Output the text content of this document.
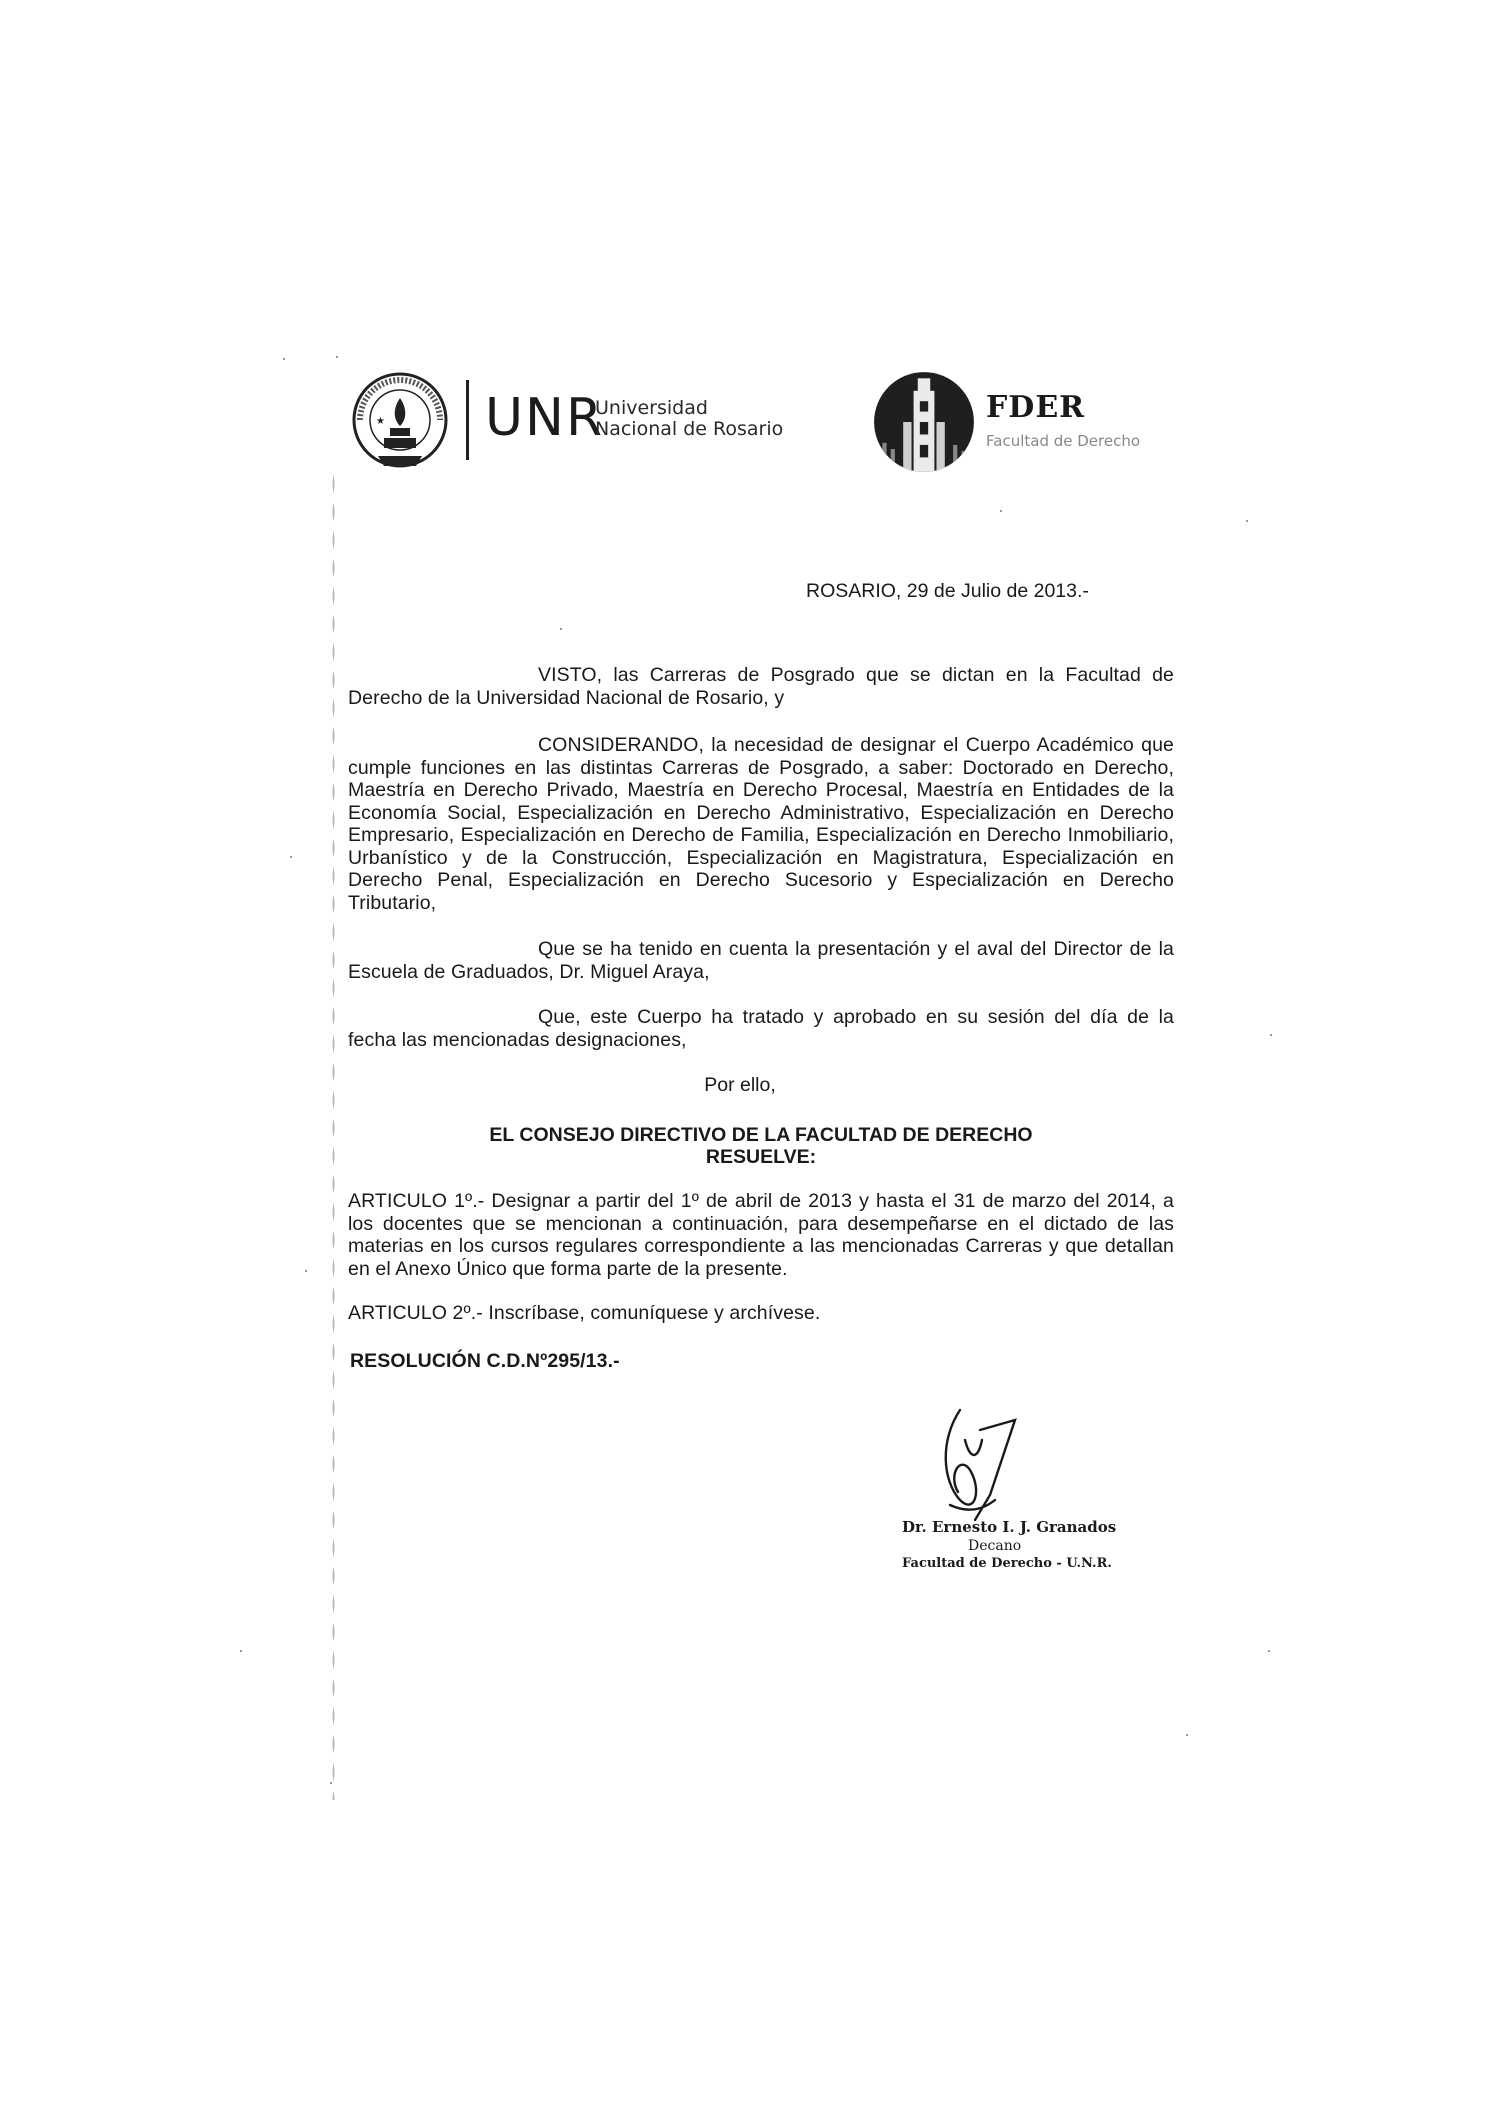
★ UNR
Universidad
Nacional de Rosario
FDER
Facultad de Derecho
ROSARIO, 29 de Julio de 2013.-
VISTO, las Carreras de Posgrado que se dictan en la Facultad de Derecho de la Universidad Nacional de Rosario, y
CONSIDERANDO, la necesidad de designar el Cuerpo Académico que cumple funciones en las distintas Carreras de Posgrado, a saber: Doctorado en Derecho, Maestría en Derecho Privado, Maestría en Derecho Procesal, Maestría en Entidades de la Economía Social, Especialización en Derecho Administrativo, Especialización en Derecho Empresario, Especialización en Derecho de Familia, Especialización en Derecho Inmobiliario, Urbanístico y de la Construcción, Especialización en Magistratura, Especialización en Derecho Penal, Especialización en Derecho Sucesorio y Especialización en Derecho Tributario,
Que se ha tenido en cuenta la presentación y el aval del Director de la Escuela de Graduados, Dr. Miguel Araya,
Que, este Cuerpo ha tratado y aprobado en su sesión del día de la fecha las mencionadas designaciones,
Por ello,
EL CONSEJO DIRECTIVO DE LA FACULTAD DE DERECHO
RESUELVE:
ARTICULO 1º.- Designar a partir del 1º de abril de 2013 y hasta el 31 de marzo del 2014, a los docentes que se mencionan a continuación, para desempeñarse en el dictado de las materias en los cursos regulares correspondiente a las mencionadas Carreras y que detallan en el Anexo Único que forma parte de la presente.
ARTICULO 2º.- Inscríbase, comuníquese y archívese.
RESOLUCIÓN C.D.Nº295/13.-
Dr. Ernesto I. J. Granados
Decano
Facultad de Derecho - U.N.R.
